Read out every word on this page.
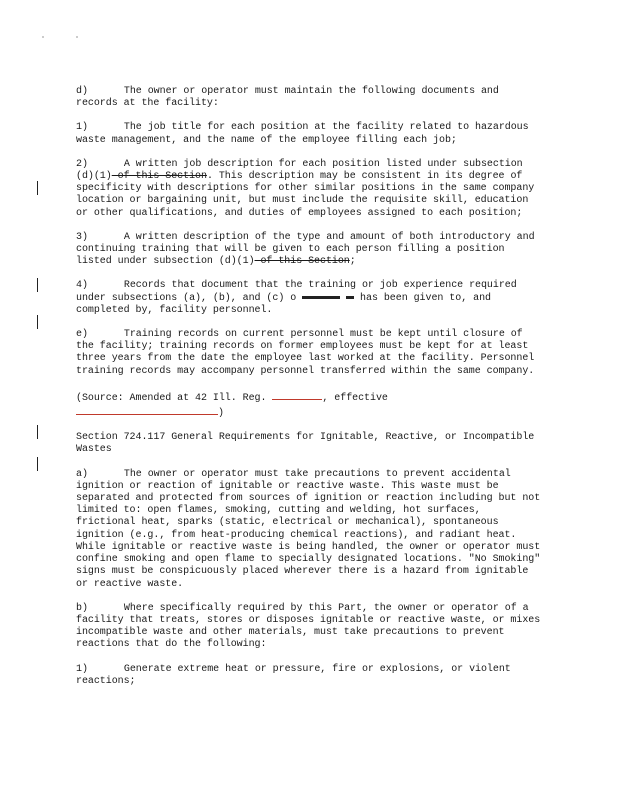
d)	The owner or operator must maintain the following documents and records at the facility:

1)	The job title for each position at the facility related to hazardous waste management, and the name of the employee filling each job;

2)	A written job description for each position listed under subsection (d)(1) of this Section. This description may be consistent in its degree of specificity with descriptions for other similar positions in the same company location or bargaining unit, but must include the requisite skill, education or other qualifications, and duties of employees assigned to each position;

3)	A written description of the type and amount of both introductory and continuing training that will be given to each person filling a position listed under subsection (d)(1) of this Section;

4)	Records that document that the training or job experience required under subsections (a), (b), and (c) o	has been given to, and completed by, facility personnel.

e)	Training records on current personnel must be kept until closure of the facility; training records on former employees must be kept for at least three years from the date the employee last worked at the facility. Personnel training records may accompany personnel transferred within the same company.

(Source: Amended at 42 Ill. Reg.	, effective
)

Section 724.117 General Requirements for Ignitable, Reactive, or Incompatible Wastes

a)	The owner or operator must take precautions to prevent accidental ignition or reaction of ignitable or reactive waste. This waste must be separated and protected from sources of ignition or reaction including but not limited to: open flames, smoking, cutting and welding, hot surfaces, frictional heat, sparks (static, electrical or mechanical), spontaneous ignition (e.g., from heat-producing chemical reactions), and radiant heat. While ignitable or reactive waste is being handled, the owner or operator must confine smoking and open flame to specially designated locations. "No Smoking" signs must be conspicuously placed wherever there is a hazard from ignitable or reactive waste.

b)	Where specifically required by this Part, the owner or operator of a facility that treats, stores or disposes ignitable or reactive waste, or mixes incompatible waste and other materials, must take precautions to prevent reactions that do the following:

1)	Generate extreme heat or pressure, fire or explosions, or violent reactions;
